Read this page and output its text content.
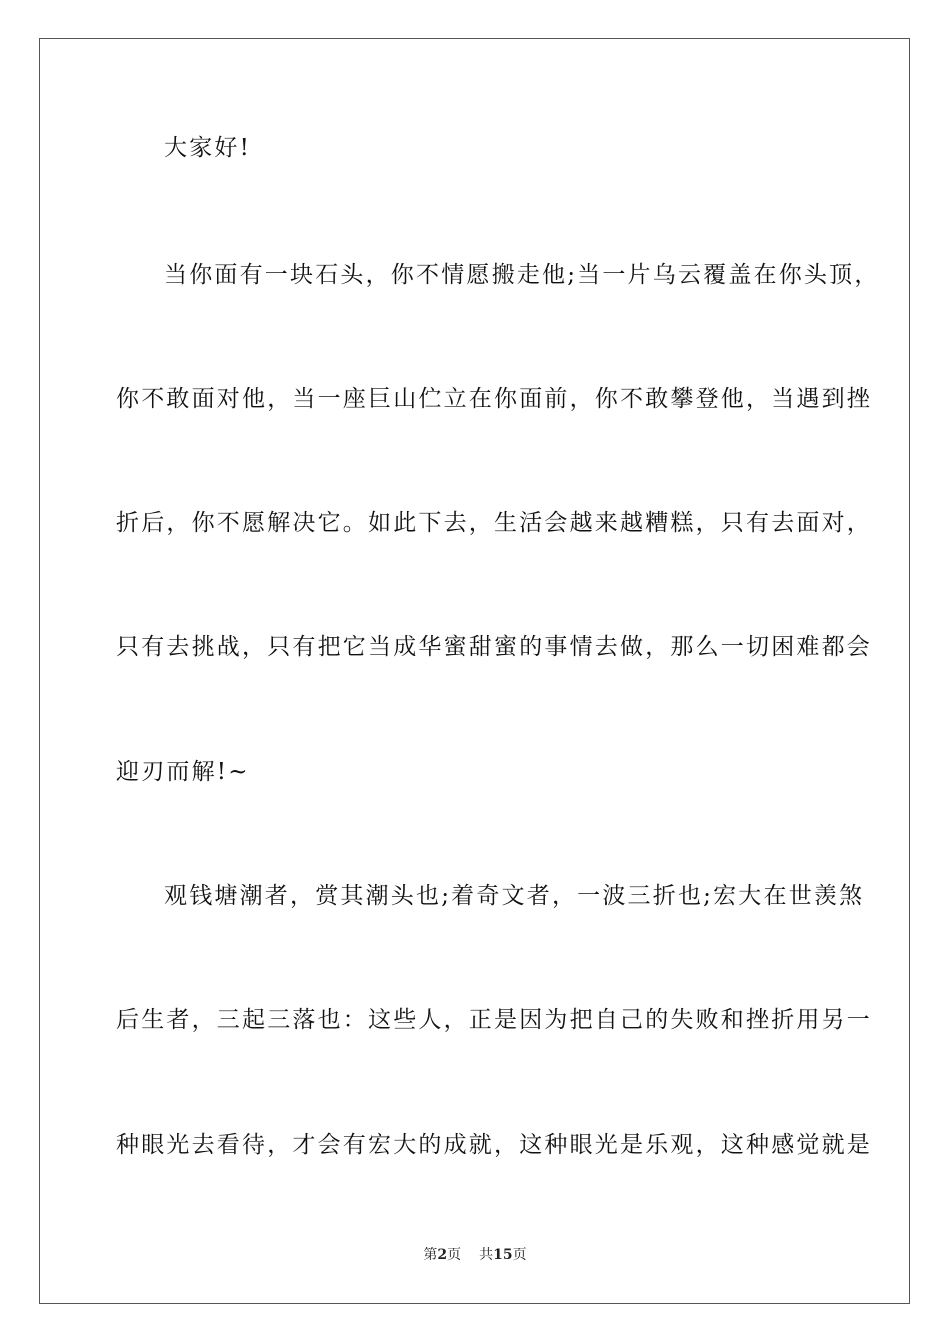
大家好!
当你面有一块石头，你不情愿搬走他;当一片乌云覆盖在你头顶，
你不敢面对他，当一座巨山伫立在你面前，你不敢攀登他，当遇到挫
折后，你不愿解决它。如此下去，生活会越来越糟糕，只有去面对，
只有去挑战，只有把它当成华蜜甜蜜的事情去做，那么一切困难都会
迎刃而解!~
观钱塘潮者，赏其潮头也;着奇文者，一波三折也;宏大在世羡煞
后生者，三起三落也：这些人，正是因为把自己的失败和挫折用另一
种眼光去看待，才会有宏大的成就，这种眼光是乐观，这种感觉就是
第2页 共15页
